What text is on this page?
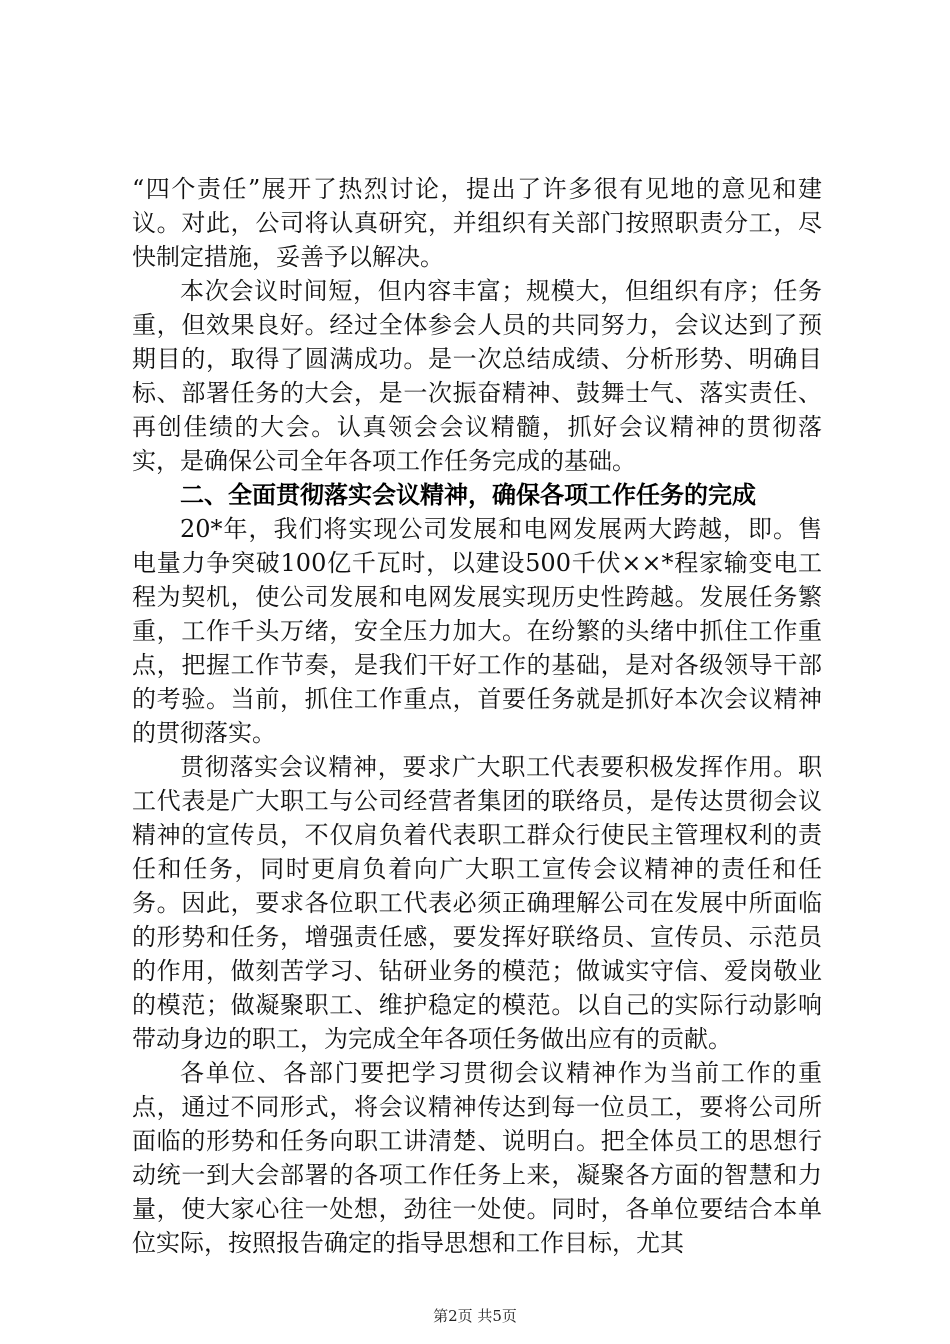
“四个责任”展开了热烈讨论，提出了许多很有见地的意见和建议。对此，公司将认真研究，并组织有关部门按照职责分工，尽快制定措施，妥善予以解决。

本次会议时间短，但内容丰富；规模大，但组织有序；任务重，但效果良好。经过全体参会人员的共同努力，会议达到了预期目的，取得了圆满成功。是一次总结成绩、分析形势、明确目标、部署任务的大会，是一次振奋精神、鼓舞士气、落实责任、再创佳绩的大会。认真领会会议精髓，抓好会议精神的贯彻落实，是确保公司全年各项工作任务完成的基础。

二、全面贯彻落实会议精神，确保各项工作任务的完成

20*年，我们将实现公司发展和电网发展两大跨越，即。售电量力争突破100亿千瓦时，以建设500千伏××*程家输变电工程为契机，使公司发展和电网发展实现历史性跨越。发展任务繁重，工作千头万绪，安全压力加大。在纷繁的头绪中抓住工作重点，把握工作节奏，是我们干好工作的基础，是对各级领导干部的考验。当前，抓住工作重点，首要任务就是抓好本次会议精神的贯彻落实。

贯彻落实会议精神，要求广大职工代表要积极发挥作用。职工代表是广大职工与公司经营者集团的联络员，是传达贯彻会议精神的宣传员，不仅肩负着代表职工群众行使民主管理权利的责任和任务，同时更肩负着向广大职工宣传会议精神的责任和任务。因此，要求各位职工代表必须正确理解公司在发展中所面临的形势和任务，增强责任感，要发挥好联络员、宣传员、示范员的作用，做刻苦学习、钻研业务的模范；做诚实守信、爱岗敬业的模范；做凝聚职工、维护稳定的模范。以自己的实际行动影响带动身边的职工，为完成全年各项任务做出应有的贡献。

各单位、各部门要把学习贯彻会议精神作为当前工作的重点，通过不同形式，将会议精神传达到每一位员工，要将公司所面临的形势和任务向职工讲清楚、说明白。把全体员工的思想行动统一到大会部署的各项工作任务上来，凝聚各方面的智慧和力量，使大家心往一处想，劲往一处使。同时，各单位要结合本单位实际，按照报告确定的指导思想和工作目标，尤其

第2页 共5页
